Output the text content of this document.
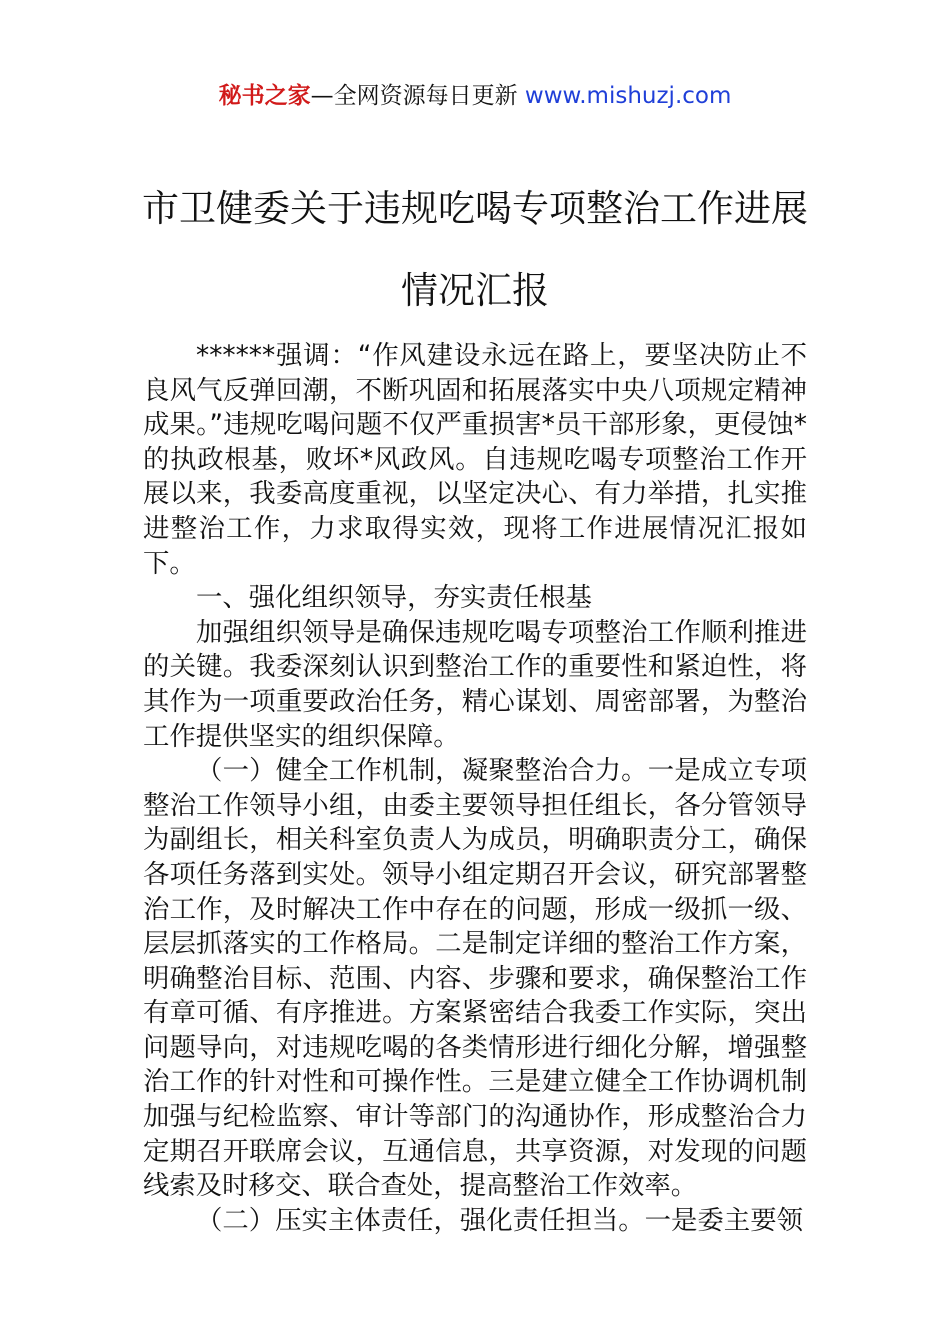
秘书之家—全网资源每日更新 www.mishuzj.com
市卫健委关于违规吃喝专项整治工作进展
情况汇报

******强调：“作风建设永远在路上，要坚决防止不良风气反弹回潮，不断巩固和拓展落实中央八项规定精神成果。”违规吃喝问题不仅严重损害*员干部形象，更侵蚀*的执政根基，败坏*风政风。自违规吃喝专项整治工作开展以来，我委高度重视，以坚定决心、有力举措，扎实推进整治工作，力求取得实效，现将工作进展情况汇报如下。

一、强化组织领导，夯实责任根基

加强组织领导是确保违规吃喝专项整治工作顺利推进的关键。我委深刻认识到整治工作的重要性和紧迫性，将其作为一项重要政治任务，精心谋划、周密部署，为整治工作提供坚实的组织保障。

（一）健全工作机制，凝聚整治合力。一是成立专项整治工作领导小组，由委主要领导担任组长，各分管领导为副组长，相关科室负责人为成员，明确职责分工，确保各项任务落到实处。领导小组定期召开会议，研究部署整治工作，及时解决工作中存在的问题，形成一级抓一级、层层抓落实的工作格局。二是制定详细的整治工作方案，明确整治目标、范围、内容、步骤和要求，确保整治工作有章可循、有序推进。方案紧密结合我委工作实际，突出问题导向，对违规吃喝的各类情形进行细化分解，增强整治工作的针对性和可操作性。三是建立健全工作协调机制加强与纪检监察、审计等部门的沟通协作，形成整治合力定期召开联席会议，互通信息，共享资源，对发现的问题线索及时移交、联合查处，提高整治工作效率。

（二）压实主体责任，强化责任担当。一是委主要领
